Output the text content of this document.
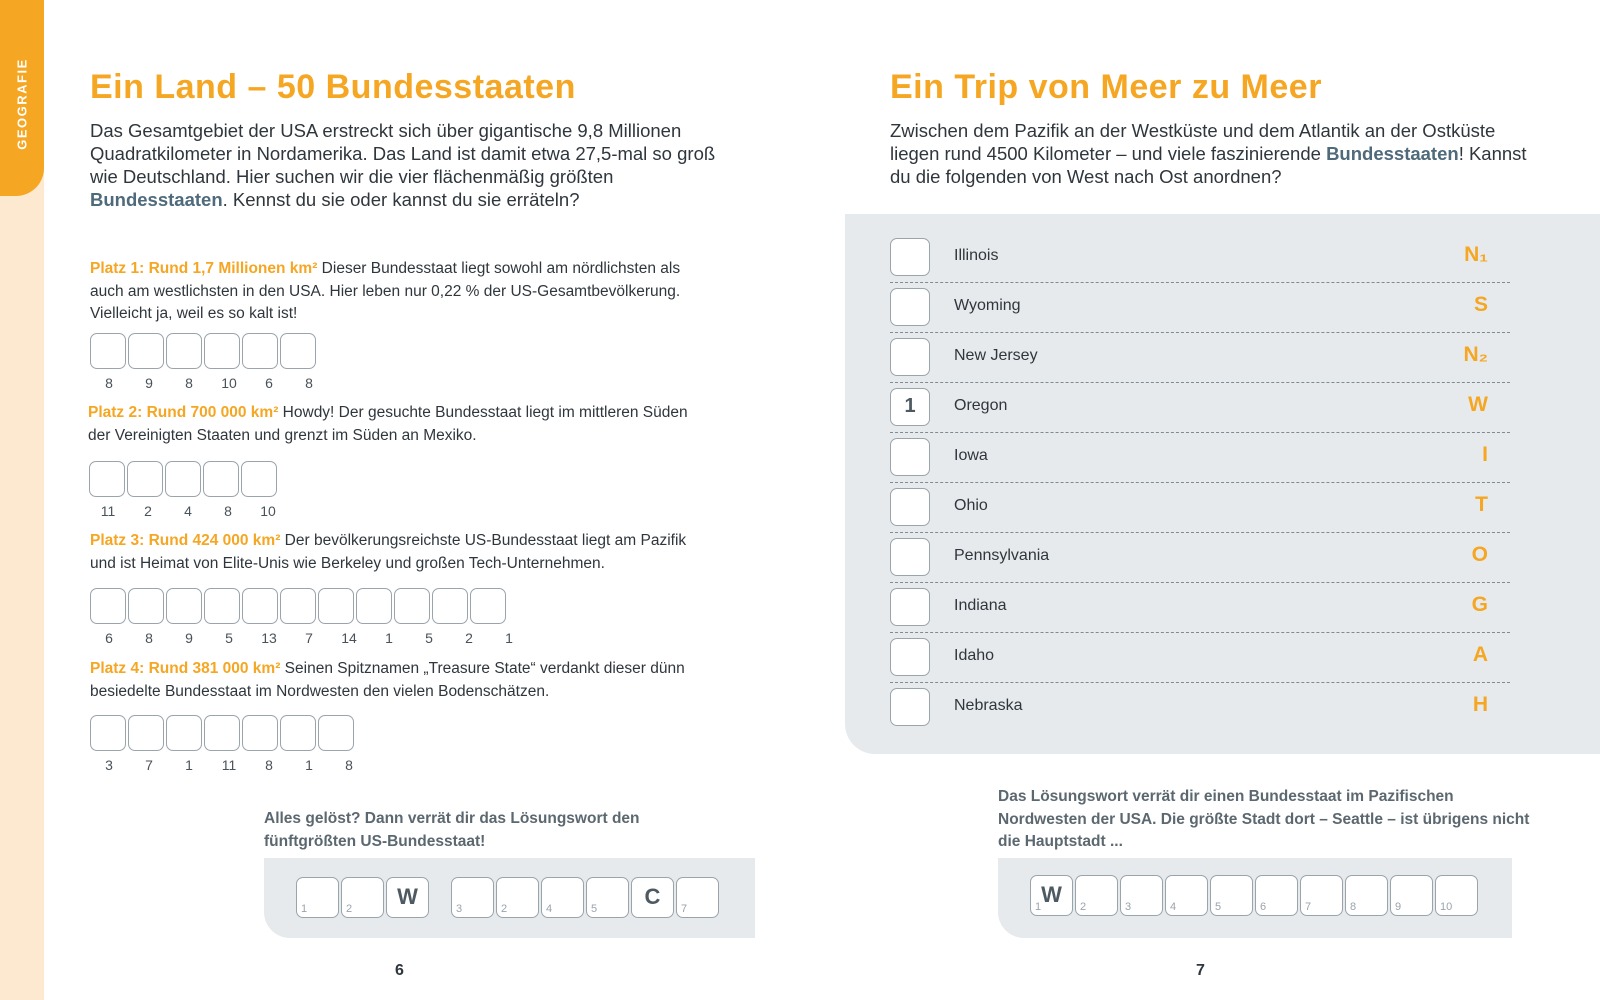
GEOGRAFIE Ein Land – 50 Bundesstaaten

Das Gesamtgebiet der USA erstreckt sich über gigantische 9,8 Millionen Quadratkilometer in Nordamerika. Das Land ist damit etwa 27,5-mal so groß wie Deutschland. Hier suchen wir die vier flächenmäßig größten Bundesstaaten. Kennst du sie oder kannst du sie erräteln?

Platz 1: Rund 1,7 Millionen km² Dieser Bundesstaat liegt sowohl am nördlichsten als auch am westlichsten in den USA. Hier leben nur 0,22 % der US-Gesamtbevölkerung. Vielleicht ja, weil es so kalt ist!

8	9	8	10	6	8

Platz 2: Rund 700 000 km² Howdy! Der gesuchte Bundesstaat liegt im mittleren Süden der Vereinigten Staaten und grenzt im Süden an Mexiko.

11	2	4	8	10

Platz 3: Rund 424 000 km² Der bevölkerungsreichste US-Bundesstaat liegt am Pazifik und ist Heimat von Elite-Unis wie Berkeley und großen Tech-Unternehmen.

6	8	9	5	13	7	14	1	5	2	1

Platz 4: Rund 381 000 km² Seinen Spitznamen „Treasure State“ verdankt dieser dünn besiedelte Bundesstaat im Nordwesten den vielen Bodenschätzen.

3	7	1	11	8	1	8

Alles gelöst? Dann verrät dir das Lösungswort den fünftgrößten US-Bundesstaat!

1	2	W	3	2	4	5	C	7
6
Ein Trip von Meer zu Meer

Zwischen dem Pazifik an der Westküste und dem Atlantik an der Ostküste liegen rund 4500 Kilometer – und viele faszinierende Bundesstaaten! Kannst du die folgenden von West nach Ost anordnen?

Illinois	N₁
Wyoming	S
New Jersey	N₂
1	Oregon	W
Iowa	I
Ohio	T
Pennsylvania	O
Indiana	G
Idaho	A
Nebraska	H

Das Lösungswort verrät dir einen Bundesstaat im Pazifischen Nordwesten der USA. Die größte Stadt dort – Seattle – ist übrigens nicht die Hauptstadt ...

1 W	2	3	4	5	6	7	8	9	10
7
